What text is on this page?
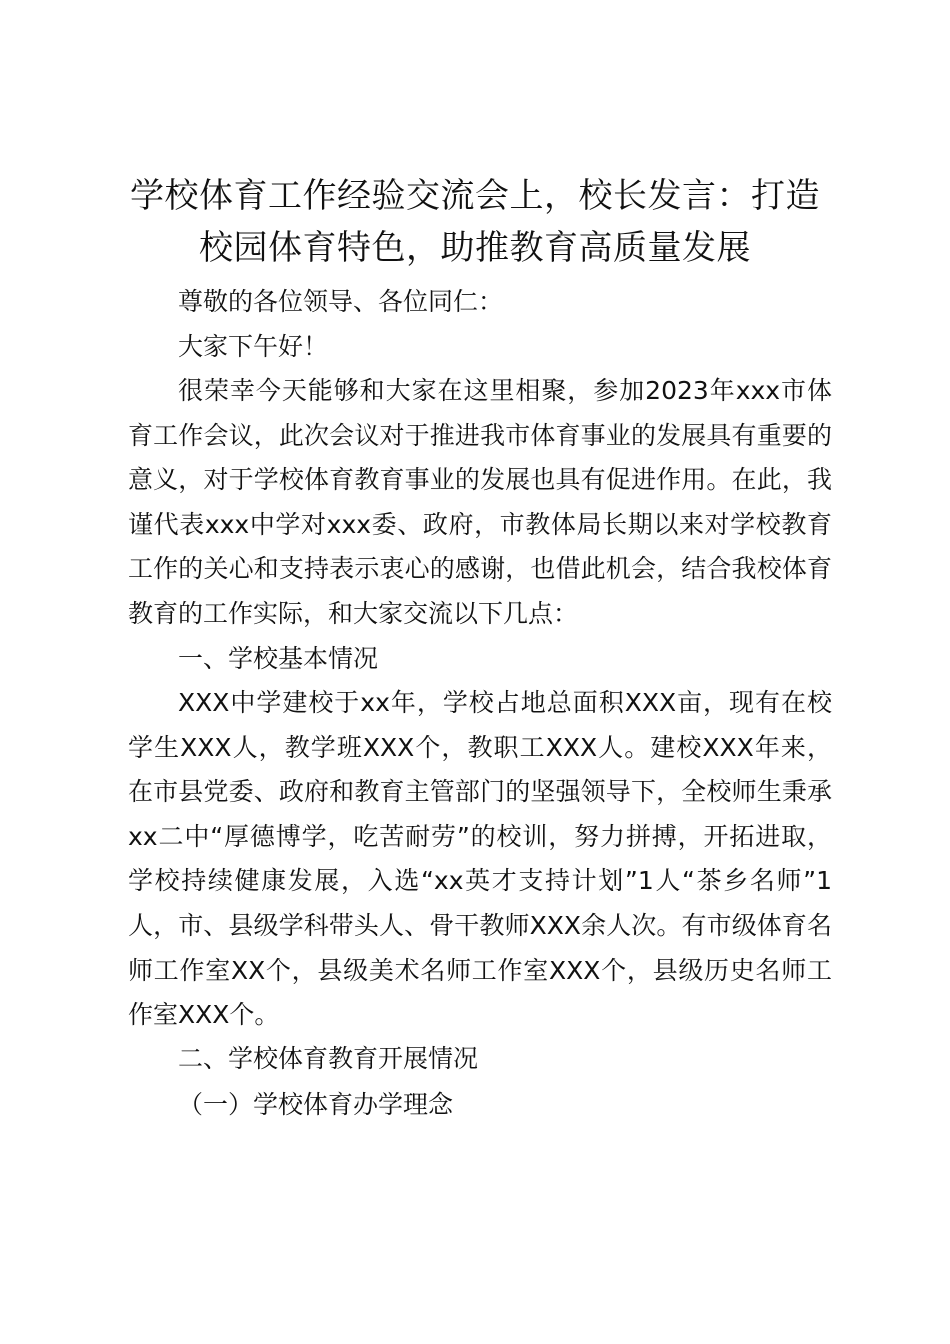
学校体育工作经验交流会上，校长发言：打造校园体育特色，助推教育高质量发展

尊敬的各位领导、各位同仁：

大家下午好！

很荣幸今天能够和大家在这里相聚，参加2023年xxx市体育工作会议，此次会议对于推进我市体育事业的发展具有重要的意义，对于学校体育教育事业的发展也具有促进作用。在此，我谨代表xxx中学对xxx委、政府，市教体局长期以来对学校教育工作的关心和支持表示衷心的感谢，也借此机会，结合我校体育教育的工作实际，和大家交流以下几点：

一、学校基本情况

XXX中学建校于xx年，学校占地总面积XXX亩，现有在校学生XXX人，教学班XXX个，教职工XXX人。建校XXX年来，在市县党委、政府和教育主管部门的坚强领导下，全校师生秉承xx二中“厚德博学，吃苦耐劳”的校训，努力拼搏，开拓进取，学校持续健康发展，入选“xx英才支持计划”1人“茶乡名师”1人，市、县级学科带头人、骨干教师XXX余人次。有市级体育名师工作室XX个，县级美术名师工作室XXX个，县级历史名师工作室XXX个。

二、学校体育教育开展情况

（一）学校体育办学理念
